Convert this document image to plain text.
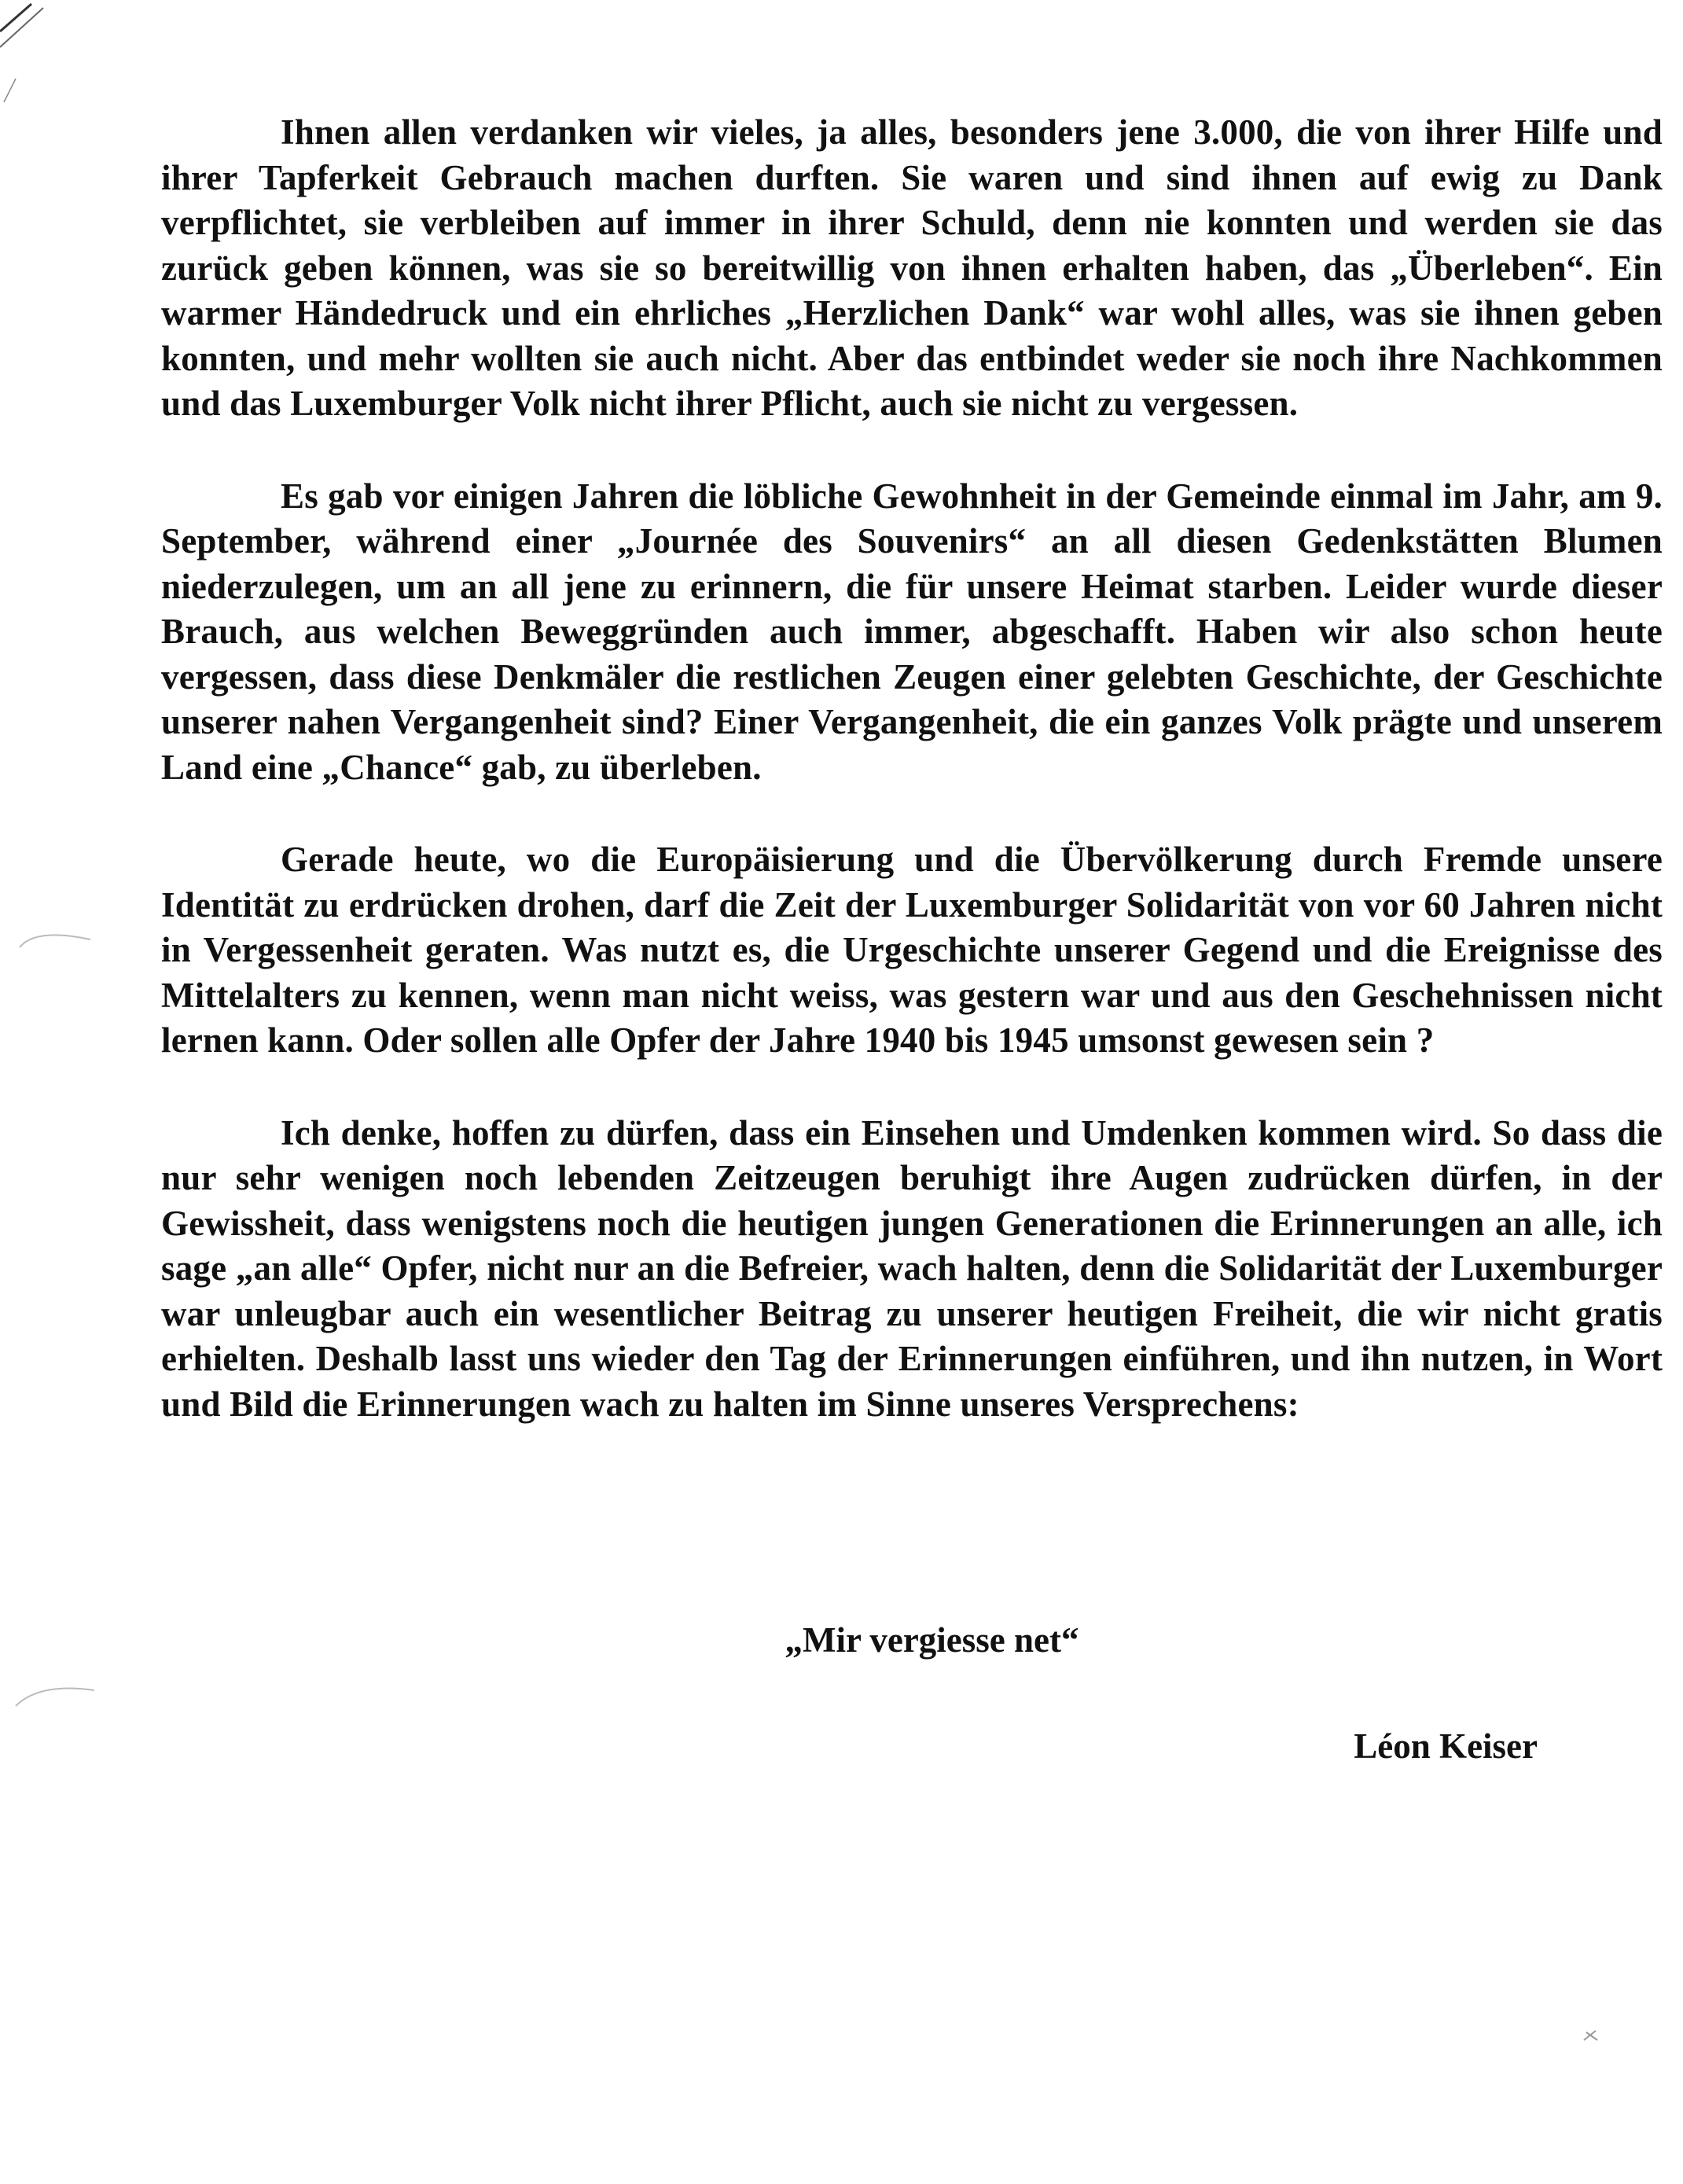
Ihnen allen verdanken wir vieles, ja alles, besonders jene 3.000, die von ihrer Hilfe und ihrer Tapferkeit Gebrauch machen durften. Sie waren und sind ihnen auf ewig zu Dank verpflichtet, sie verbleiben auf immer in ihrer Schuld, denn nie konnten und werden sie das zurück geben können, was sie so bereitwillig von ihnen erhalten haben, das „Überleben“. Ein warmer Händedruck und ein ehrliches „Herzlichen Dank“ war wohl alles, was sie ihnen geben konnten, und mehr wollten sie auch nicht. Aber das entbindet weder sie noch ihre Nachkommen und das Luxemburger Volk nicht ihrer Pflicht, auch sie nicht zu vergessen.

Es gab vor einigen Jahren die löbliche Gewohnheit in der Gemeinde einmal im Jahr, am 9. September, während einer „Journée des Souvenirs“ an all diesen Gedenkstätten Blumen niederzulegen, um an all jene zu erinnern, die für unsere Heimat starben. Leider wurde dieser Brauch, aus welchen Beweggründen auch immer, abgeschafft. Haben wir also schon heute vergessen, dass diese Denkmäler die restlichen Zeugen einer gelebten Geschichte, der Geschichte unserer nahen Vergangenheit sind? Einer Vergangenheit, die ein ganzes Volk prägte und unserem Land eine „Chance“ gab, zu überleben.

Gerade heute, wo die Europäisierung und die Übervölkerung durch Fremde unsere Identität zu erdrücken drohen, darf die Zeit der Luxemburger Solidarität von vor 60 Jahren nicht in Vergessenheit geraten. Was nutzt es, die Urgeschichte unserer Gegend und die Ereignisse des Mittelalters zu kennen, wenn man nicht weiss, was gestern war und aus den Geschehnissen nicht lernen kann. Oder sollen alle Opfer der Jahre 1940 bis 1945 umsonst gewesen sein ?

Ich denke, hoffen zu dürfen, dass ein Einsehen und Umdenken kommen wird. So dass die nur sehr wenigen noch lebenden Zeitzeugen beruhigt ihre Augen zudrücken dürfen, in der Gewissheit, dass wenigstens noch die heutigen jungen Generationen die Erinnerungen an alle, ich sage „an alle“ Opfer, nicht nur an die Befreier, wach halten, denn die Solidarität der Luxemburger war unleugbar auch ein wesentlicher Beitrag zu unserer heutigen Freiheit, die wir nicht gratis erhielten. Deshalb lasst uns wieder den Tag der Erinnerungen einführen, und ihn nutzen, in Wort und Bild die Erinnerungen wach zu halten im Sinne unseres Versprechens:

„Mir vergiesse net“
Léon Keiser
